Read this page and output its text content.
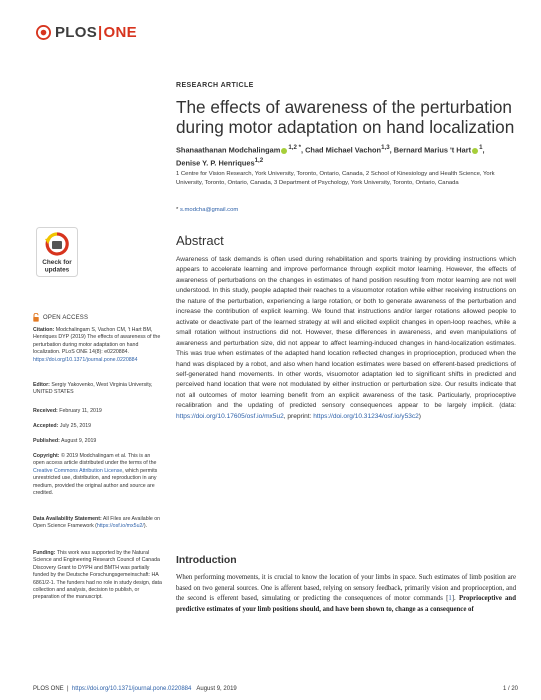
PLOS|ONE
RESEARCH ARTICLE
The effects of awareness of the perturbation during motor adaptation on hand localization
Shanaathanan Modchalingam $^{1,2 *}$, Chad Michael Vachon$^{1,3}$, Bernard Marius 't Hart $^1$,
Denise Y. P. Henriques$^{1,2}$
1 Centre for Vision Research, York University, Toronto, Ontario, Canada, 2 School of Kinesiology and Health Science, York University, Toronto, Ontario, Canada, 3 Department of Psychology, York University, Toronto, Ontario, Canada
* s.modcha@gmail.com
Abstract
Awareness of task demands is often used during rehabilitation and sports training by providing instructions which appears to accelerate learning and improve performance through explicit motor learning. However, the effects of awareness of perturbations on the changes in estimates of hand position resulting from motor learning are not well understood. In this study, people adapted their reaches to a visuomotor rotation while either receiving instructions on the nature of the perturbation, experiencing a large rotation, or both to generate awareness of the perturbation and increase the contribution of explicit learning. We found that instructions and/or larger rotations allowed people to activate or deactivate part of the learned strategy at will and elicited explicit changes in open-loop reaches, while a small rotation without instructions did not. However, these differences in awareness, and even manipulations of awareness and perturbation size, did not appear to affect learning-induced changes in hand-localization estimates. This was true when estimates of the adapted hand location reflected changes in proprioception, produced when the hand was displaced by a robot, and also when hand location estimates were based on efferent-based predictions of self-generated hand movements. In other words, visuomotor adaptation led to significant shifts in predicted and perceived hand location that were not modulated by either instruction or perturbation size. Our results indicate that not all outcomes of motor learning benefit from an explicit awareness of the task. Particularly, proprioceptive recalibration and the updating of predicted sensory consequences appear to be largely implicit. (data: https://doi.org/10.17605/osf.io/mx5u2, preprint: https://doi.org/10.31234/osf.io/y53c2)
Introduction
When performing movements, it is crucial to know the location of your limbs in space. Such estimates of limb position are based on two general sources. One is afferent based, relying on sensory feedback, primarily vision and proprioception, and the second is efferent based, simulating or predicting the consequences of motor commands [1]. Proprioceptive and predictive estimates of your limb positions should, and have been shown to, change as a consequence of
Check for
updates
OPEN ACCESS
Citation: Modchalingam S, Vachon CM, 't Hart BM, Henriques DYP (2019) The effects of awareness of the perturbation during motor adaptation on hand localization. PLoS ONE 14(8): e0220884. https://doi.org/10.1371/journal.pone.0220884
Editor: Sergiy Yakovenko, West Virginia University, UNITED STATES
Received: February 11, 2019
Accepted: July 25, 2019
Published: August 9, 2019
Copyright: © 2019 Modchalingam et al. This is an open access article distributed under the terms of the Creative Commons Attribution License, which permits unrestricted use, distribution, and reproduction in any medium, provided the original author and source are credited.
Data Availability Statement: All Files are Available on Open Science Framework (https://osf.io/mx5u2/).
Funding: This work was supported by the Natural Science and Engineering Research Council of Canada Discovery Grant to DYPH and BMTH was partially funded by the Deutsche Forschungsgemeinschaft: HA 6861/2-1. The funders had no role in study design, data collection and analysis, decision to publish, or preparation of the manuscript.
PLOS ONE  |  https://doi.org/10.1371/journal.pone.0220884 August 9, 2019	1 / 20
